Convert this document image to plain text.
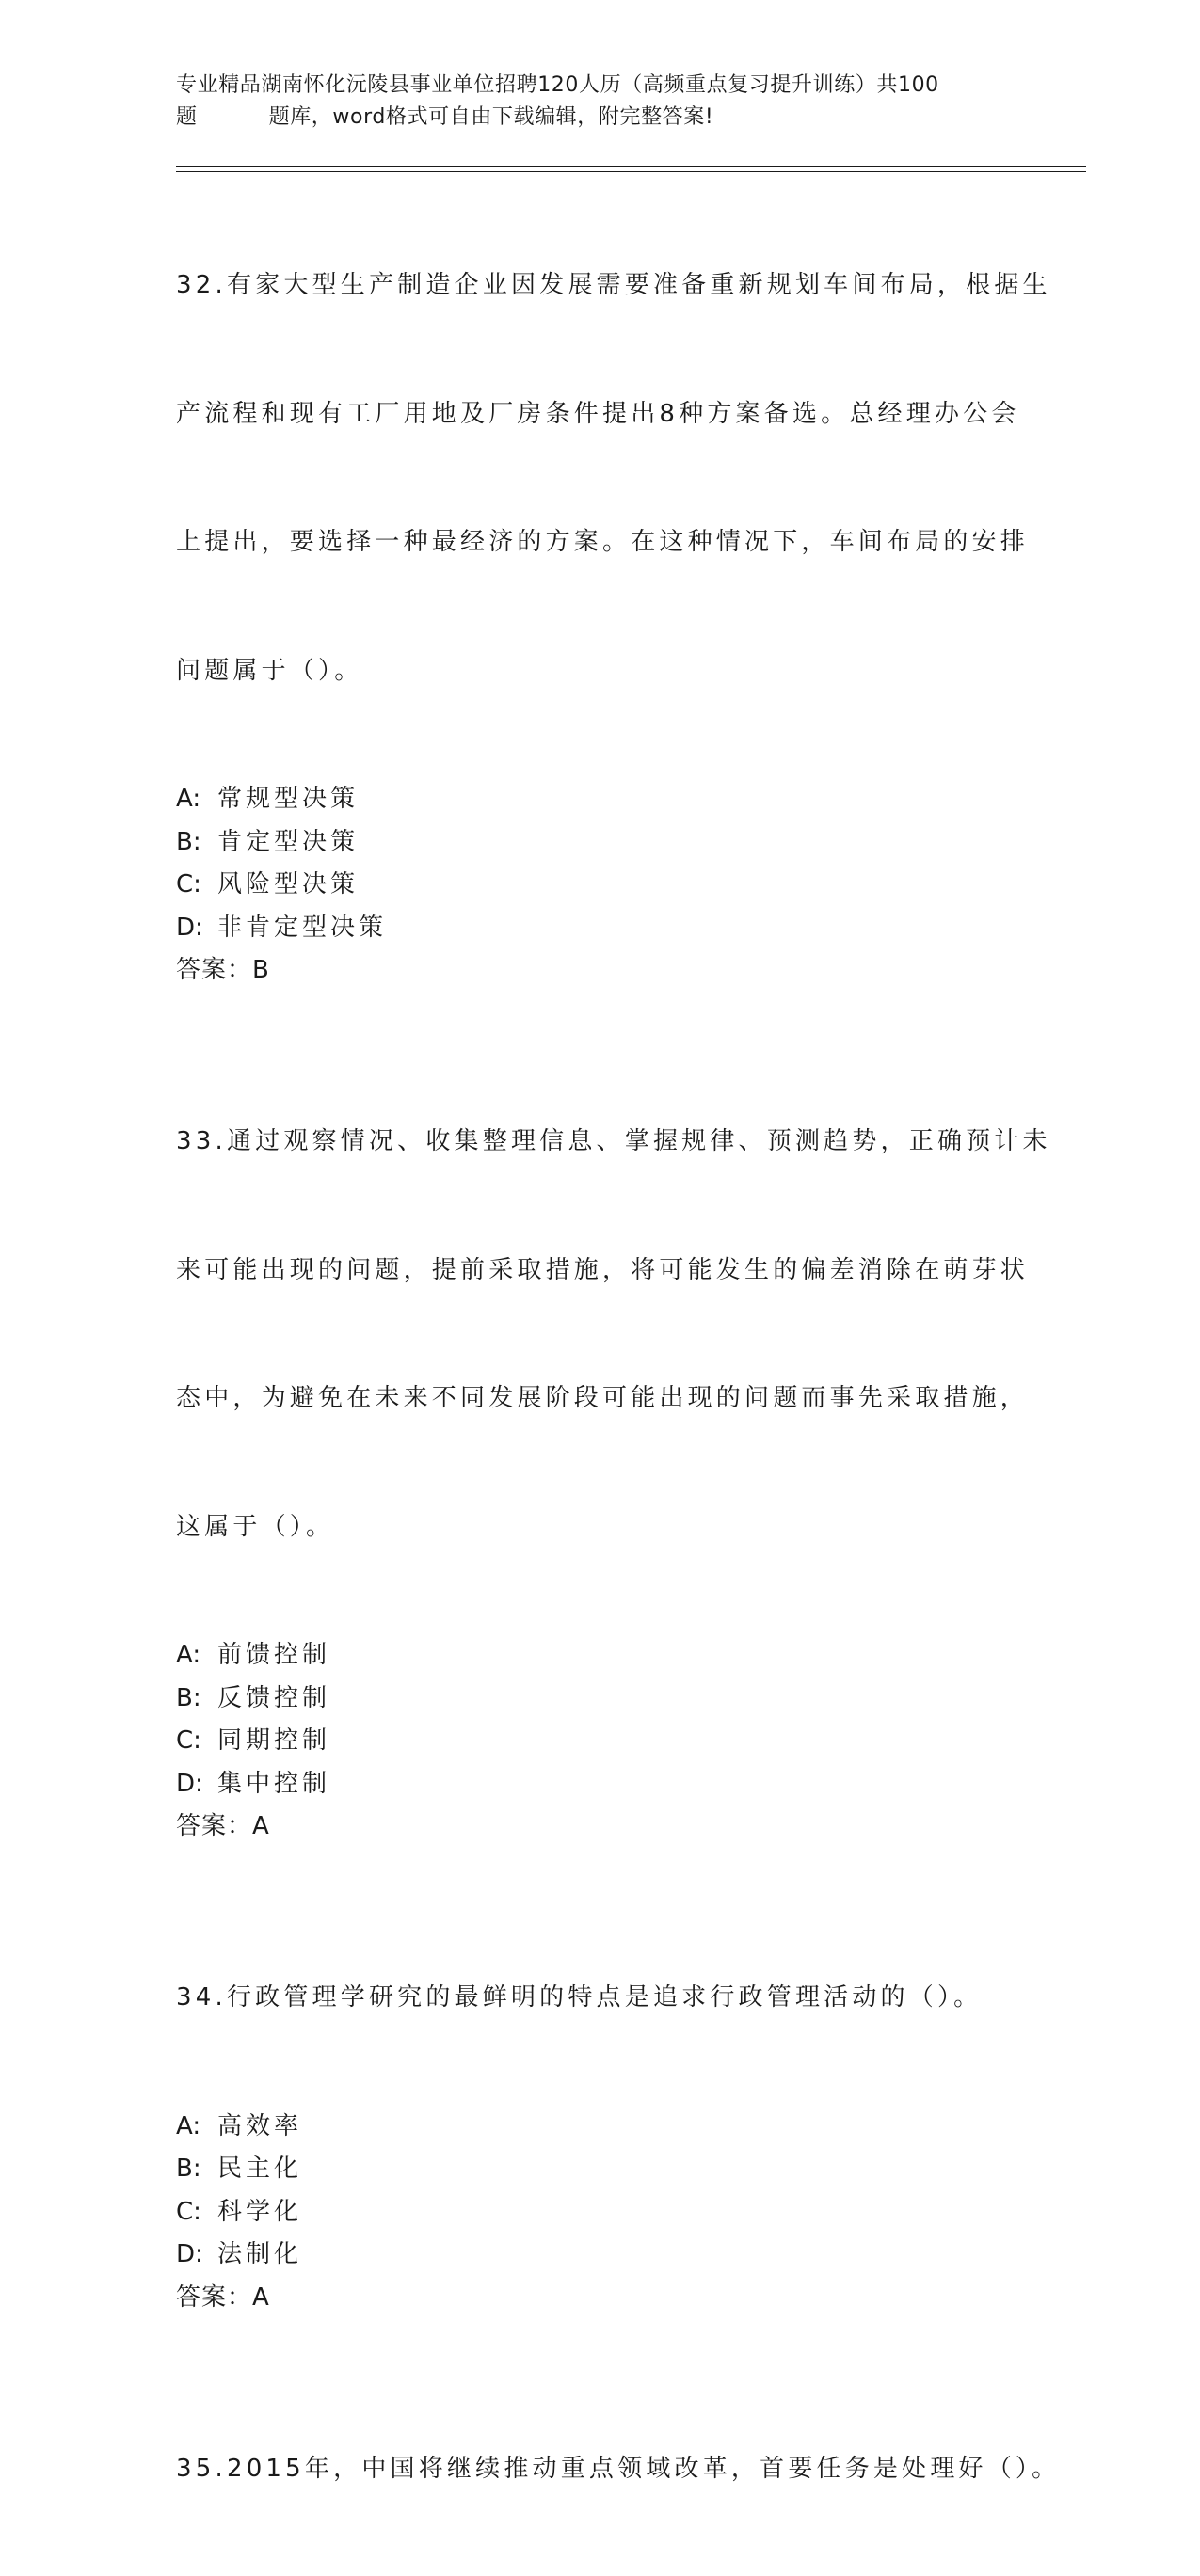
专业精品湖南怀化沅陵县事业单位招聘120人历（高频重点复习提升训练）共100
题	题库，word格式可自由下载编辑，附完整答案!

32.有家大型生产制造企业因发展需要准备重新规划车间布局，根据生

产流程和现有工厂用地及厂房条件提出8种方案备选。总经理办公会

上提出，要选择一种最经济的方案。在这种情况下，车间布局的安排

问题属于（）。

A: 常规型决策
B: 肯定型决策
C: 风险型决策
D: 非肯定型决策
答案：B

33.通过观察情况、收集整理信息、掌握规律、预测趋势，正确预计未

来可能出现的问题，提前采取措施，将可能发生的偏差消除在萌芽状

态中，为避免在未来不同发展阶段可能出现的问题而事先采取措施，

这属于（）。

A: 前馈控制
B: 反馈控制
C: 同期控制
D: 集中控制
答案：A

34.行政管理学研究的最鲜明的特点是追求行政管理活动的（）。

A: 高效率
B: 民主化
C: 科学化
D: 法制化
答案：A

35.2015年，中国将继续推动重点领域改革，首要任务是处理好（）。
